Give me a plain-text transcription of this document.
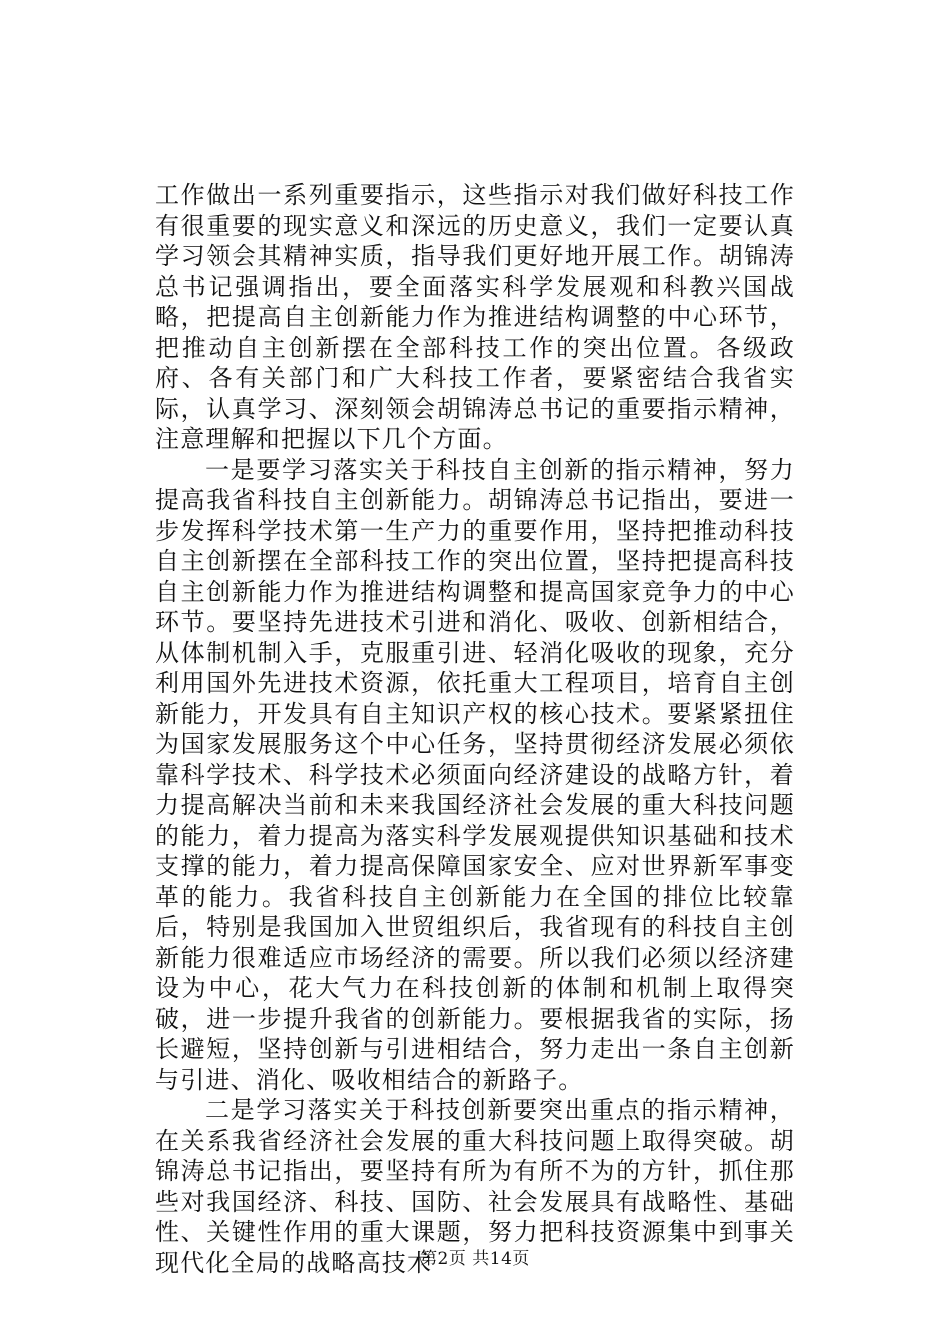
工作做出一系列重要指示，这些指示对我们做好科技工作有很重要的现实意义和深远的历史意义，我们一定要认真学习领会其精神实质，指导我们更好地开展工作。胡锦涛总书记强调指出，要全面落实科学发展观和科教兴国战略，把提高自主创新能力作为推进结构调整的中心环节，把推动自主创新摆在全部科技工作的突出位置。各级政府、各有关部门和广大科技工作者，要紧密结合我省实际，认真学习、深刻领会胡锦涛总书记的重要指示精神，注意理解和把握以下几个方面。

一是要学习落实关于科技自主创新的指示精神，努力提高我省科技自主创新能力。胡锦涛总书记指出，要进一步发挥科学技术第一生产力的重要作用，坚持把推动科技自主创新摆在全部科技工作的突出位置，坚持把提高科技自主创新能力作为推进结构调整和提高国家竞争力的中心环节。要坚持先进技术引进和消化、吸收、创新相结合，从体制机制入手，克服重引进、轻消化吸收的现象，充分利用国外先进技术资源，依托重大工程项目，培育自主创新能力，开发具有自主知识产权的核心技术。要紧紧扭住为国家发展服务这个中心任务，坚持贯彻经济发展必须依靠科学技术、科学技术必须面向经济建设的战略方针，着力提高解决当前和未来我国经济社会发展的重大科技问题的能力，着力提高为落实科学发展观提供知识基础和技术支撑的能力，着力提高保障国家安全、应对世界新军事变革的能力。我省科技自主创新能力在全国的排位比较靠后，特别是我国加入世贸组织后，我省现有的科技自主创新能力很难适应市场经济的需要。所以我们必须以经济建设为中心，花大气力在科技创新的体制和机制上取得突破，进一步提升我省的创新能力。要根据我省的实际，扬长避短，坚持创新与引进相结合，努力走出一条自主创新与引进、消化、吸收相结合的新路子。

二是学习落实关于科技创新要突出重点的指示精神，在关系我省经济社会发展的重大科技问题上取得突破。胡锦涛总书记指出，要坚持有所为有所不为的方针，抓住那些对我国经济、科技、国防、社会发展具有战略性、基础性、关键性作用的重大课题，努力把科技资源集中到事关现代化全局的战略高技术

第2页 共14页
